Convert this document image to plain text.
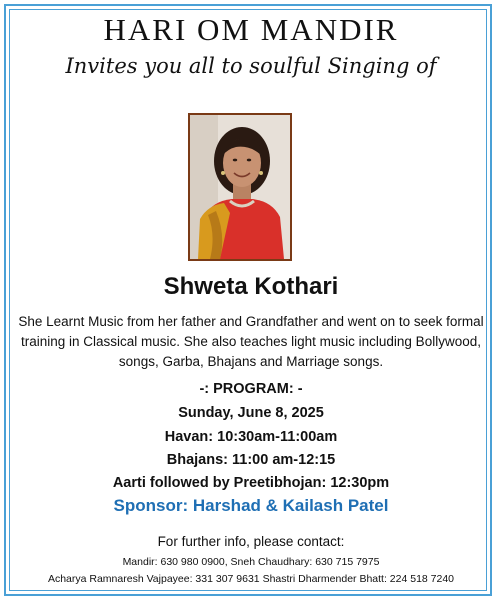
HARI OM MANDIR
Invites you all to soulful Singing of
Shweta Kothari
She Learnt Music from her father and Grandfather and went on to seek formal training in Classical music. She also teaches light music including Bollywood, songs, Garba, Bhajans and Marriage songs.
-: PROGRAM: -
Sunday, June 8, 2025
Havan: 10:30am-11:00am
Bhajans: 11:00 am-12:15
Aarti followed by Preetibhojan: 12:30pm
Sponsor: Harshad & Kailash Patel
For further info, please contact:
Mandir: 630 980 0900, Sneh Chaudhary: 630 715 7975
Acharya Ramnaresh Vajpayee: 331 307 9631 Shastri Dharmender Bhatt: 224 518 7240
